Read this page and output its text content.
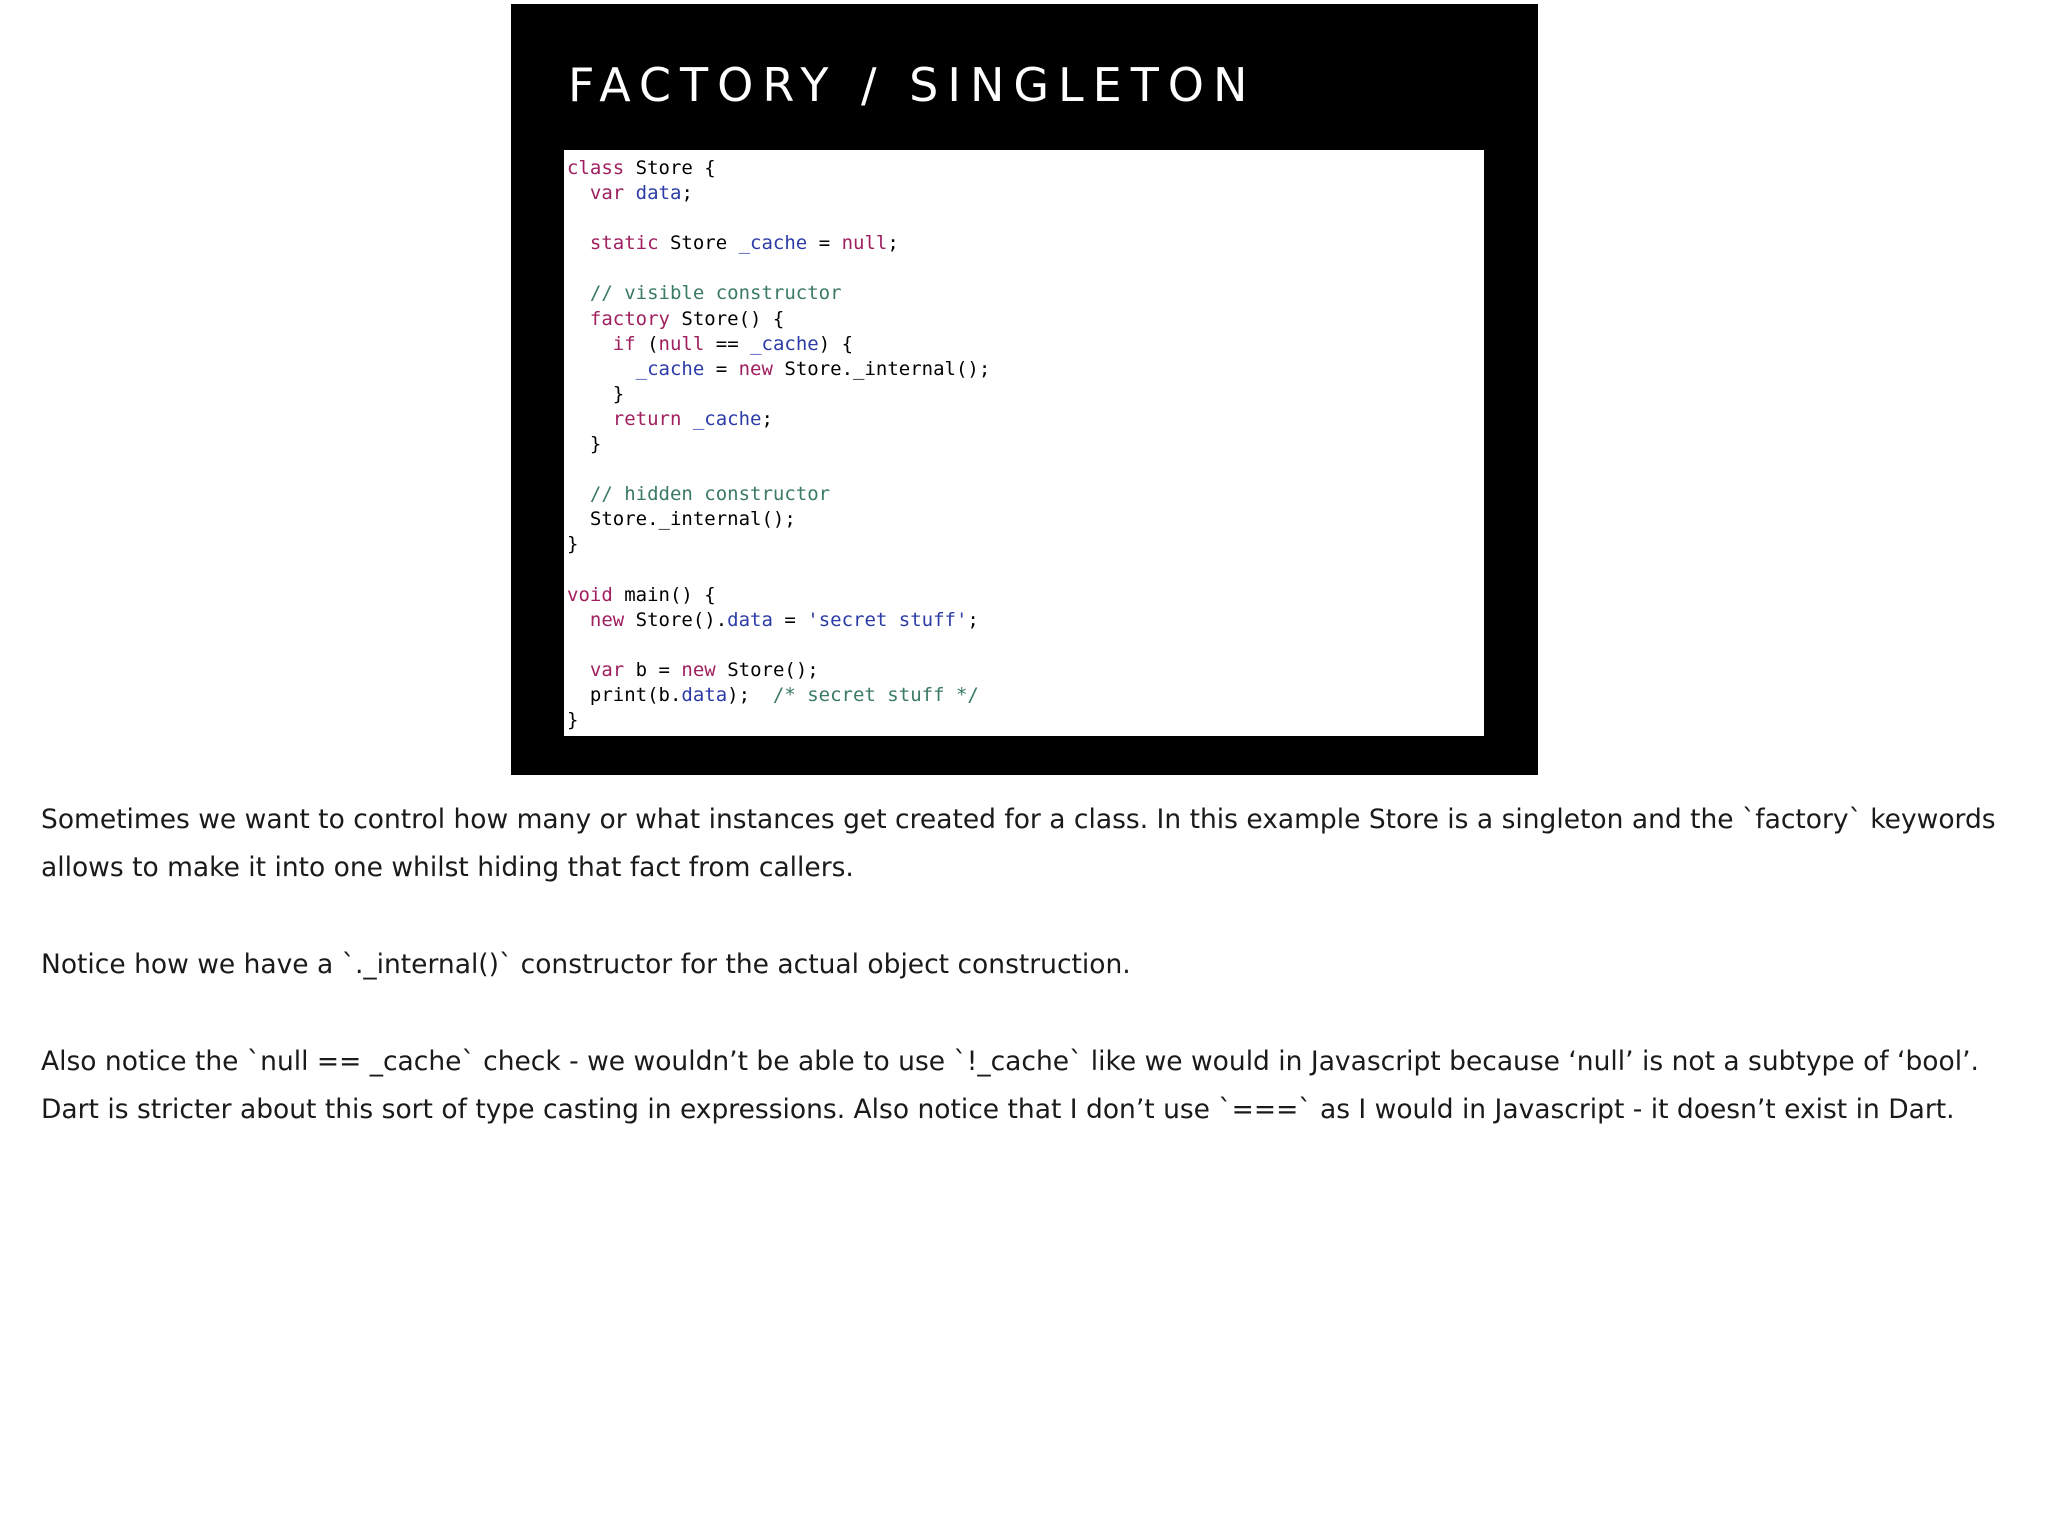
FACTORY / SINGLETON
class Store {
var data;
static Store _cache = null;
// visible constructor
factory Store() {
if (null == _cache) {
_cache = new Store._internal();
}
return _cache;
}
// hidden constructor
Store._internal();
}
void main() {
new Store().data = 'secret stuff';
var b = new Store();
print(b.data);  /* secret stuff */
}

Sometimes we want to control how many or what instances get created for a class. In this example Store is a singleton and the `factory` keywords allows to make it into one whilst hiding that fact from callers.

Notice how we have a `._internal()` constructor for the actual object construction.

Also notice the `null == _cache` check - we wouldn’t be able to use `!_cache` like we would in Javascript because ‘null’ is not a subtype of ‘bool’. Dart is stricter about this sort of type casting in expressions. Also notice that I don’t use `===` as I would in Javascript - it doesn’t exist in Dart.
